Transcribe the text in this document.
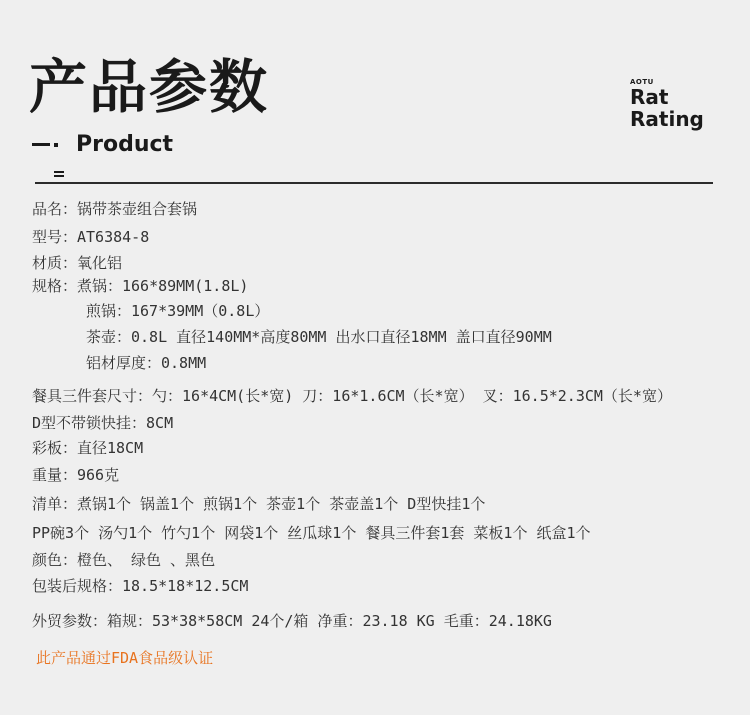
产品参数
Product
AOTU
Rat
Rating
品名：锅带茶壶组合套锅
型号：AT6384-8
材质：氧化铝
规格：煮锅：166*89MM(1.8L)
煎锅：167*39MM（0.8L）
茶壶：0.8L 直径140MM*高度80MM 出水口直径18MM 盖口直径90MM
铝材厚度：0.8MM
餐具三件套尺寸：勺：16*4CM(长*宽) 刀：16*1.6CM（长*宽） 叉：16.5*2.3CM（长*宽）
D型不带锁快挂：8CM
彩板：直径18CM
重量：966克
清单：煮锅1个 锅盖1个 煎锅1个 茶壶1个 茶壶盖1个 D型快挂1个
PP碗3个 汤勺1个 竹勺1个 网袋1个 丝瓜球1个 餐具三件套1套 菜板1个 纸盒1个
颜色：橙色、 绿色 、黑色
包装后规格：18.5*18*12.5CM
外贸参数：箱规：53*38*58CM 24个/箱 净重：23.18 KG 毛重：24.18KG
此产品通过FDA食品级认证
